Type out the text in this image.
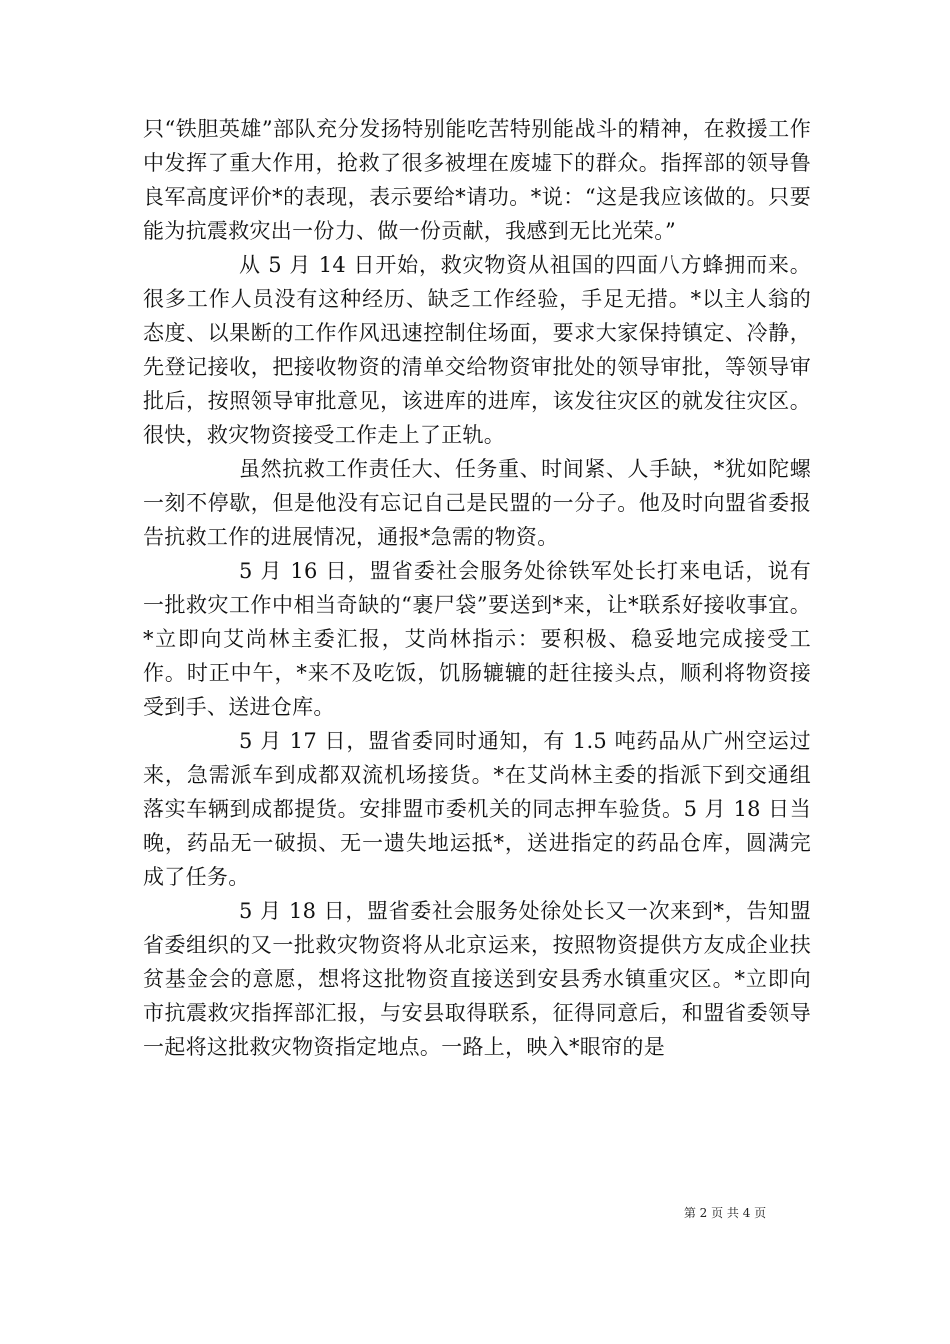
只“铁胆英雄”部队充分发扬特别能吃苦特别能战斗的精神，在救援工作中发挥了重大作用，抢救了很多被埋在废墟下的群众。指挥部的领导鲁良军高度评价*的表现，表示要给*请功。*说：“这是我应该做的。只要能为抗震救灾出一份力、做一份贡献，我感到无比光荣。”

从 5 月 14 日开始，救灾物资从祖国的四面八方蜂拥而来。很多工作人员没有这种经历、缺乏工作经验，手足无措。*以主人翁的态度、以果断的工作作风迅速控制住场面，要求大家保持镇定、冷静，先登记接收，把接收物资的清单交给物资审批处的领导审批，等领导审批后，按照领导审批意见，该进库的进库，该发往灾区的就发往灾区。很快，救灾物资接受工作走上了正轨。

虽然抗救工作责任大、任务重、时间紧、人手缺，*犹如陀螺一刻不停歇，但是他没有忘记自己是民盟的一分子。他及时向盟省委报告抗救工作的进展情况，通报*急需的物资。

5 月 16 日，盟省委社会服务处徐铁军处长打来电话，说有一批救灾工作中相当奇缺的“裹尸袋”要送到*来，让*联系好接收事宜。*立即向艾尚林主委汇报，艾尚林指示：要积极、稳妥地完成接受工作。时正中午，*来不及吃饭，饥肠辘辘的赶往接头点，顺利将物资接受到手、送进仓库。

5 月 17 日，盟省委同时通知，有 1.5 吨药品从广州空运过来，急需派车到成都双流机场接货。*在艾尚林主委的指派下到交通组落实车辆到成都提货。安排盟市委机关的同志押车验货。5 月 18 日当晚，药品无一破损、无一遗失地运抵*，送进指定的药品仓库，圆满完成了任务。

5 月 18 日，盟省委社会服务处徐处长又一次来到*，告知盟省委组织的又一批救灾物资将从北京运来，按照物资提供方友成企业扶贫基金会的意愿，想将这批物资直接送到安县秀水镇重灾区。*立即向市抗震救灾指挥部汇报，与安县取得联系，征得同意后，和盟省委领导一起将这批救灾物资指定地点。一路上，映入*眼帘的是

第 2 页 共 4 页
